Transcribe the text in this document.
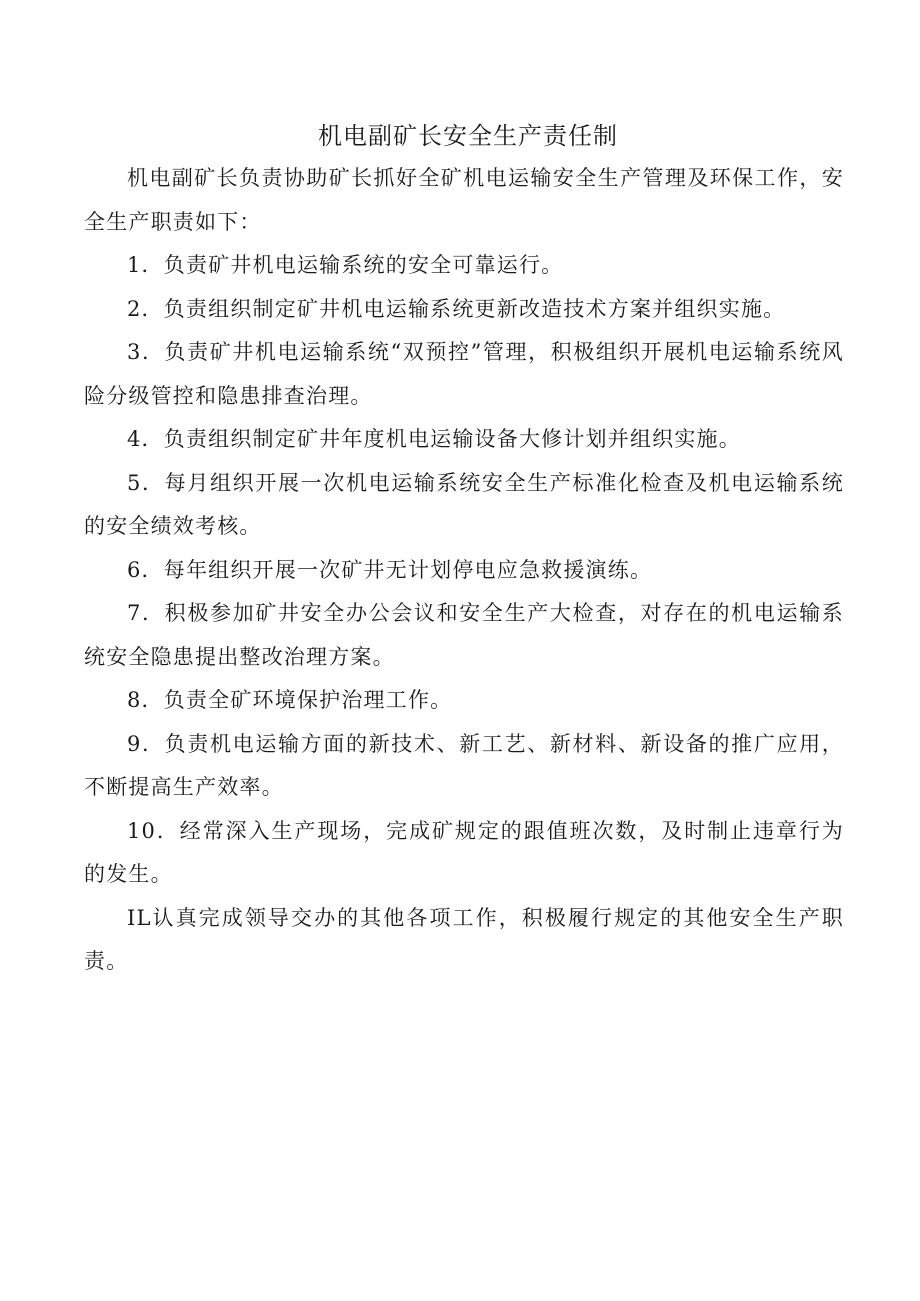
机电副矿长安全生产责任制

机电副矿长负责协助矿长抓好全矿机电运输安全生产管理及环保工作，安全生产职责如下：

1．负责矿井机电运输系统的安全可靠运行。

2．负责组织制定矿井机电运输系统更新改造技术方案并组织实施。

3．负责矿井机电运输系统“双预控”管理，积极组织开展机电运输系统风险分级管控和隐患排查治理。

4．负责组织制定矿井年度机电运输设备大修计划并组织实施。

5．每月组织开展一次机电运输系统安全生产标准化检查及机电运输系统的安全绩效考核。

6．每年组织开展一次矿井无计划停电应急救援演练。

7．积极参加矿井安全办公会议和安全生产大检查，对存在的机电运输系统安全隐患提出整改治理方案。

8．负责全矿环境保护治理工作。

9．负责机电运输方面的新技术、新工艺、新材料、新设备的推广应用，不断提高生产效率。

10．经常深入生产现场，完成矿规定的跟值班次数，及时制止违章行为的发生。

IL认真完成领导交办的其他各项工作，积极履行规定的其他安全生产职责。
